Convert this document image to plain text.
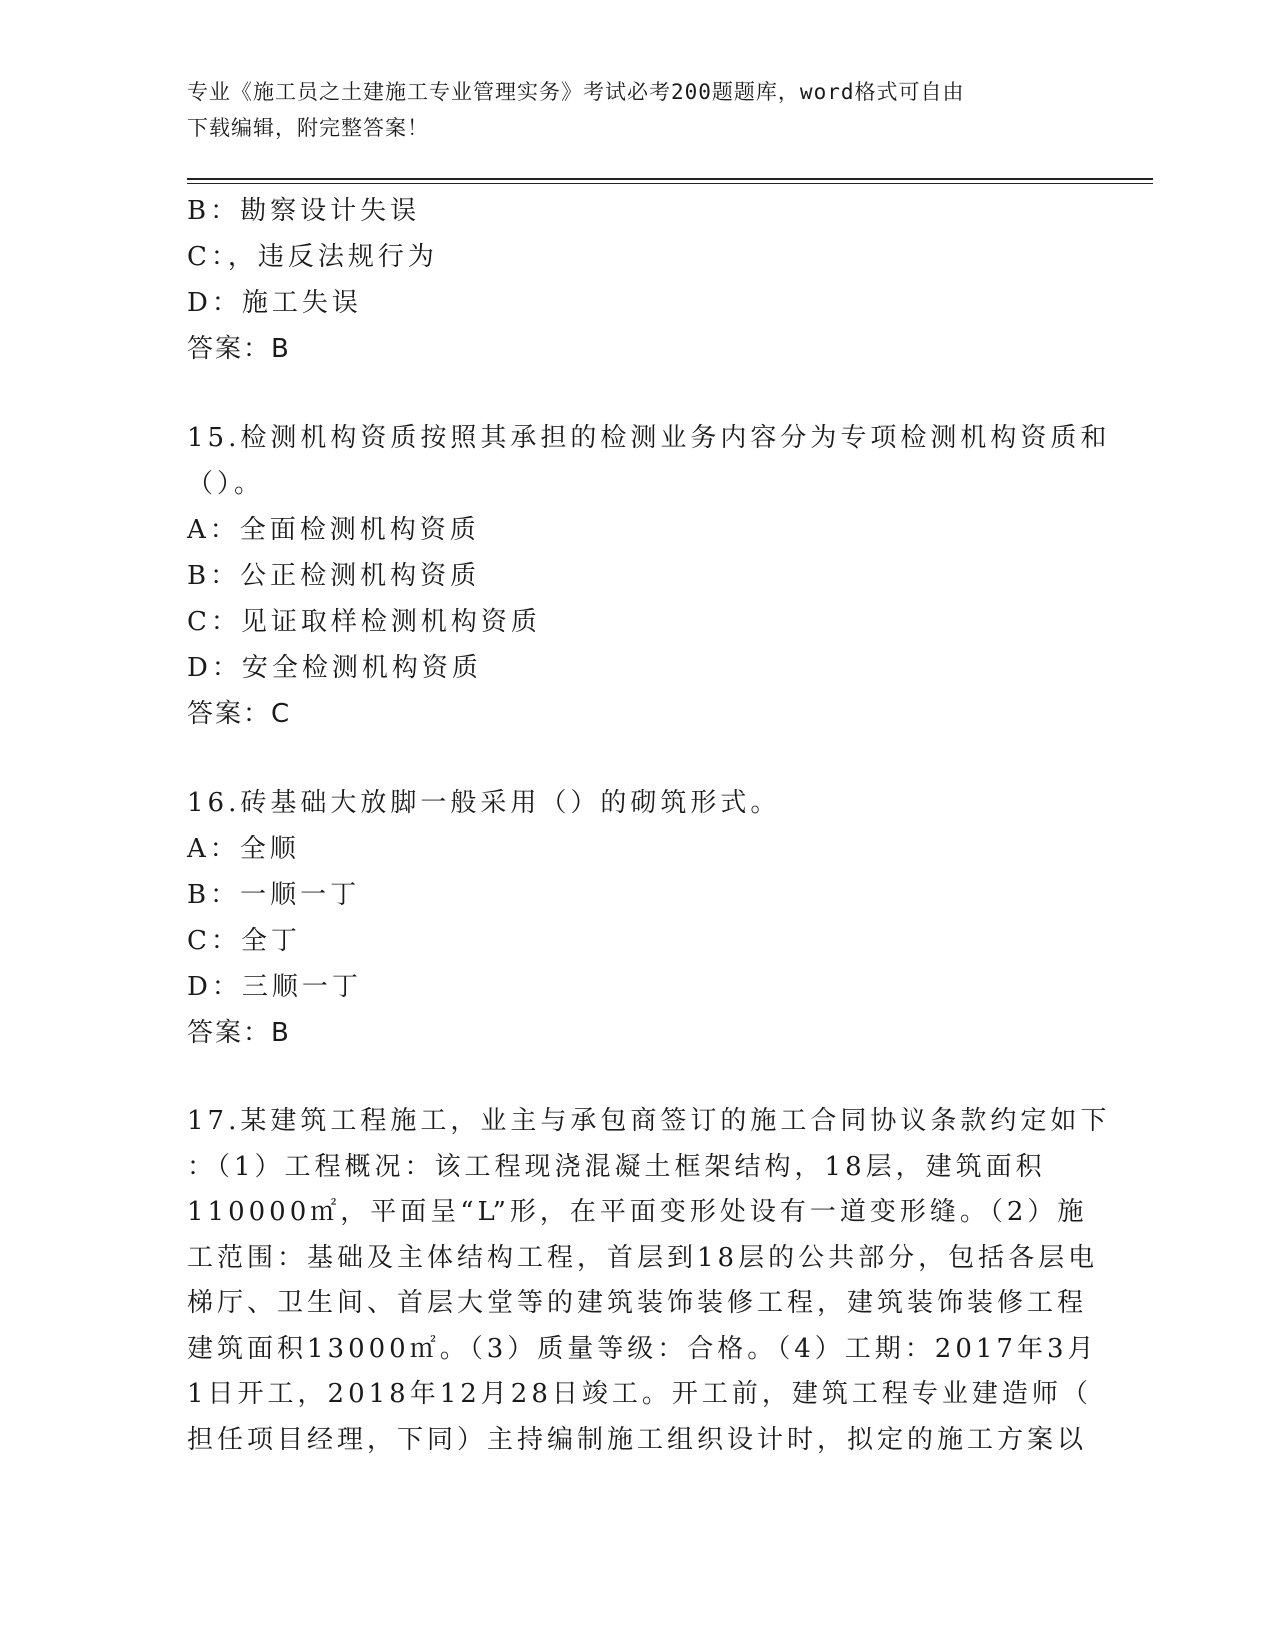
专业《施工员之土建施工专业管理实务》考试必考200题题库，word格式可自由
下载编辑，附完整答案！
B：勘察设计失误
C：，违反法规行为
D：施工失误
答案：B
15.检测机构资质按照其承担的检测业务内容分为专项检测机构资质和
（）。
A：全面检测机构资质
B：公正检测机构资质
C：见证取样检测机构资质
D：安全检测机构资质
答案：C
16.砖基础大放脚一般采用（）的砌筑形式。
A：全顺
B：一顺一丁
C：全丁
D：三顺一丁
答案：B
17.某建筑工程施工，业主与承包商签订的施工合同协议条款约定如下
：（1）工程概况：该工程现浇混凝土框架结构，18层，建筑面积
110000㎡，平面呈“L”形，在平面变形处设有一道变形缝。（2）施
工范围：基础及主体结构工程，首层到18层的公共部分，包括各层电
梯厅、卫生间、首层大堂等的建筑装饰装修工程，建筑装饰装修工程
建筑面积13000㎡。（3）质量等级：合格。（4）工期：2017年3月
1日开工，2018年12月28日竣工。开工前，建筑工程专业建造师（
担任项目经理，下同）主持编制施工组织设计时，拟定的施工方案以
